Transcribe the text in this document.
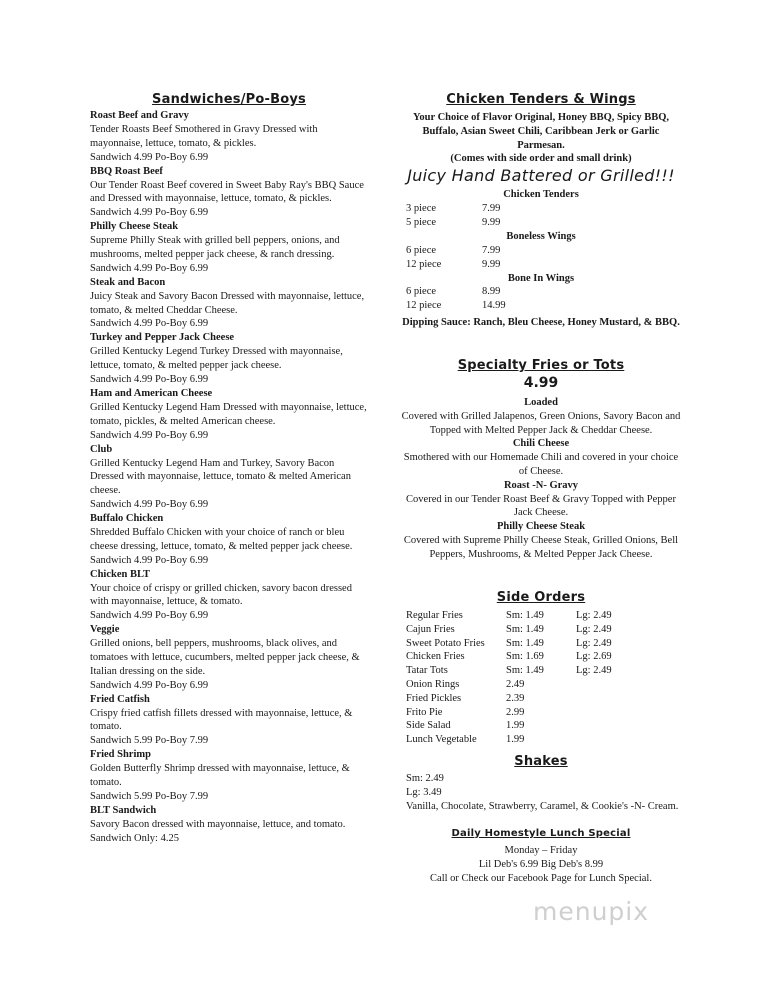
Sandwiches/Po-Boys
Roast Beef and Gravy
Tender Roasts Beef Smothered in Gravy Dressed with mayonnaise, lettuce, tomato, & pickles.
Sandwich 4.99 Po-Boy 6.99
BBQ Roast Beef
Our Tender Roast Beef covered in Sweet Baby Ray's BBQ Sauce and Dressed with mayonnaise, lettuce, tomato, & pickles.
Sandwich 4.99 Po-Boy 6.99
Philly Cheese Steak
Supreme Philly Steak with grilled bell peppers, onions, and mushrooms, melted pepper jack cheese, & ranch dressing.
Sandwich 4.99 Po-Boy 6.99
Steak and Bacon
Juicy Steak and Savory Bacon Dressed with mayonnaise, lettuce, tomato, & melted Cheddar Cheese.
Sandwich 4.99 Po-Boy 6.99
Turkey and Pepper Jack Cheese
Grilled Kentucky Legend Turkey Dressed with mayonnaise, lettuce, tomato, & melted pepper jack cheese.
Sandwich 4.99 Po-Boy 6.99
Ham and American Cheese
Grilled Kentucky Legend Ham Dressed with mayonnaise, lettuce, tomato, pickles, & melted American cheese.
Sandwich 4.99 Po-Boy 6.99
Club
Grilled Kentucky Legend Ham and Turkey, Savory Bacon Dressed with mayonnaise, lettuce, tomato & melted American cheese.
Sandwich 4.99 Po-Boy 6.99
Buffalo Chicken
Shredded Buffalo Chicken with your choice of ranch or bleu cheese dressing, lettuce, tomato, & melted pepper jack cheese.
Sandwich 4.99 Po-Boy 6.99
Chicken BLT
Your choice of crispy or grilled chicken, savory bacon dressed with mayonnaise, lettuce, & tomato.
Sandwich 4.99 Po-Boy 6.99
Veggie
Grilled onions, bell peppers, mushrooms, black olives, and tomatoes with lettuce, cucumbers, melted pepper jack cheese, & Italian dressing on the side.
Sandwich 4.99 Po-Boy 6.99
Fried Catfish
Crispy fried catfish fillets dressed with mayonnaise, lettuce, & tomato.
Sandwich 5.99 Po-Boy 7.99
Fried Shrimp
Golden Butterfly Shrimp dressed with mayonnaise, lettuce, & tomato.
Sandwich 5.99 Po-Boy 7.99
BLT Sandwich
Savory Bacon dressed with mayonnaise, lettuce, and tomato.
Sandwich Only: 4.25
Chicken Tenders & Wings
Your Choice of Flavor Original, Honey BBQ, Spicy BBQ, Buffalo, Asian Sweet Chili, Caribbean Jerk or Garlic Parmesan.
(Comes with side order and small drink)
Juicy Hand Battered or Grilled!!!
Chicken Tenders
3 piece	7.99
5 piece	9.99
Boneless Wings
6 piece	7.99
12 piece	9.99
Bone In Wings
6 piece	8.99
12 piece	14.99
Dipping Sauce: Ranch, Bleu Cheese, Honey Mustard, & BBQ.
Specialty Fries or Tots
4.99
Loaded
Covered with Grilled Jalapenos, Green Onions, Savory Bacon and Topped with Melted Pepper Jack & Cheddar Cheese.
Chili Cheese
Smothered with our Homemade Chili and covered in your choice of Cheese.
Roast -N- Gravy
Covered in our Tender Roast Beef & Gravy Topped with Pepper Jack Cheese.
Philly Cheese Steak
Covered with Supreme Philly Cheese Steak, Grilled Onions, Bell Peppers, Mushrooms, & Melted Pepper Jack Cheese.
Side Orders
Regular Fries	Sm: 1.49	Lg: 2.49
Cajun Fries	Sm: 1.49	Lg: 2.49
Sweet Potato Fries	Sm: 1.49	Lg: 2.49
Chicken Fries	Sm: 1.69	Lg: 2.69
Tatar Tots	Sm: 1.49	Lg: 2.49
Onion Rings	2.49
Fried Pickles	2.39
Frito Pie	2.99
Side Salad	1.99
Lunch Vegetable	1.99
Shakes
Sm: 2.49
Lg: 3.49
Vanilla, Chocolate, Strawberry, Caramel, & Cookie's -N- Cream.
Daily Homestyle Lunch Special
Monday – Friday
Lil Deb's 6.99 Big Deb's 8.99
Call or Check our Facebook Page for Lunch Special.
menupix
